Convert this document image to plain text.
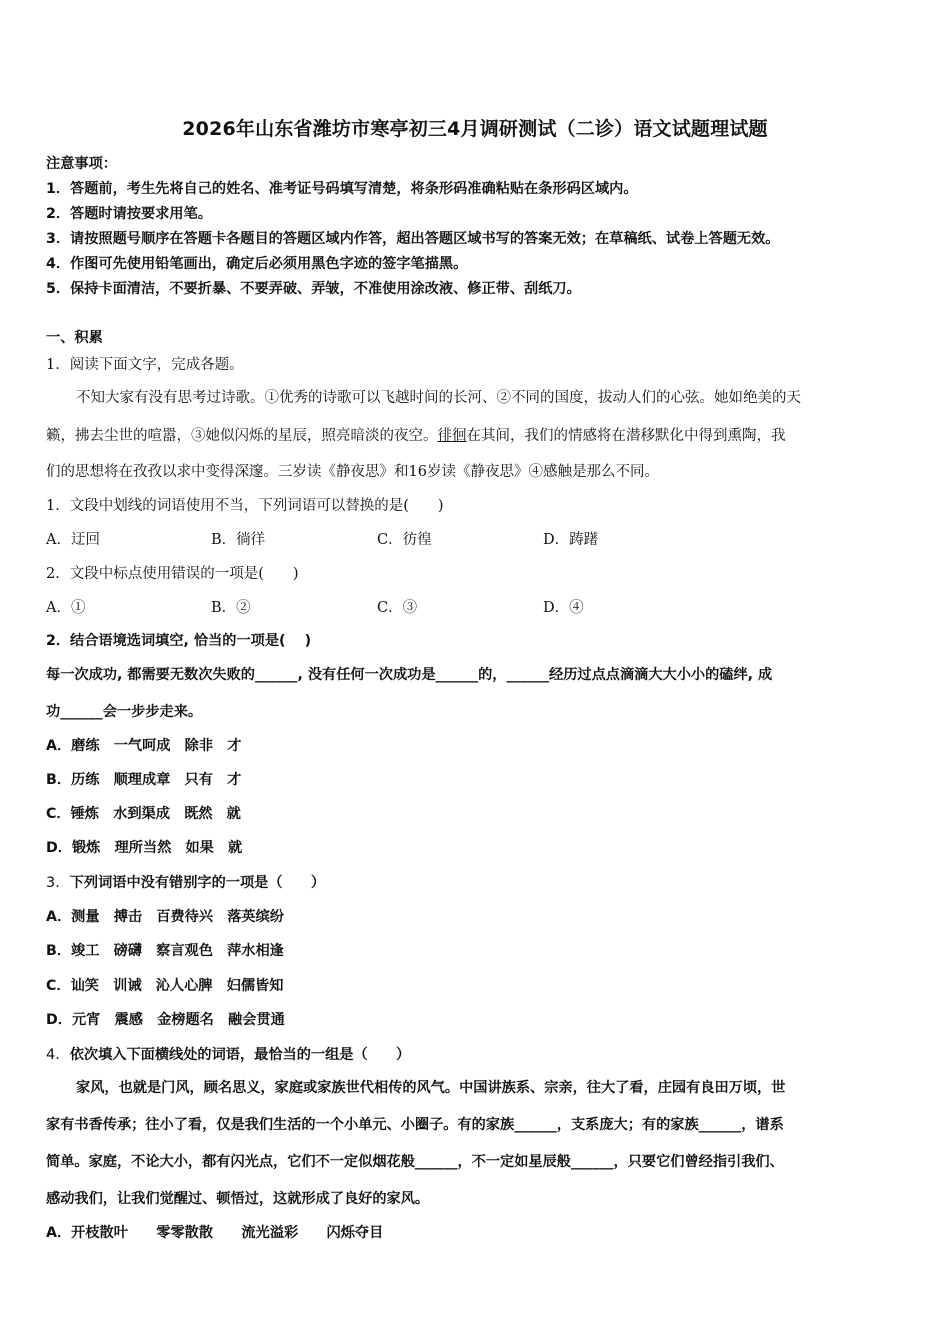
2026年山东省潍坊市寒亭初三4月调研测试（二诊）语文试题理试题
注意事项：
1．答题前，考生先将自己的姓名、准考证号码填写清楚，将条形码准确粘贴在条形码区域内。
2．答题时请按要求用笔。
3．请按照题号顺序在答题卡各题目的答题区域内作答，超出答题区域书写的答案无效；在草稿纸、试卷上答题无效。
4．作图可先使用铅笔画出，确定后必须用黑色字迹的签字笔描黑。
5．保持卡面清洁，不要折暴、不要弄破、弄皱，不准使用涂改液、修正带、刮纸刀。
一、积累
1．阅读下面文字，完成各题。
不知大家有没有思考过诗歌。①优秀的诗歌可以飞越时间的长河、②不同的国度，拔动人们的心弦。她如绝美的天
籁，拂去尘世的喧嚣，③她似闪烁的星辰，照亮暗淡的夜空。徘徊在其间，我们的情感将在潜移默化中得到熏陶，我
们的思想将在孜孜以求中变得深邃。三岁读《静夜思》和16岁读《静夜思》④感触是那么不同。
1．文段中划线的词语使用不当，下列词语可以替换的是(　　)
A．迂回	B．徜徉	C．彷徨	D．踌躇
2．文段中标点使用错误的一项是(　　)
A．①	B．②	C．③	D．④
2．结合语境选词填空, 恰当的一项是(　 )
每一次成功, 都需要无数次失败的______, 没有任何一次成功是______的，______经历过点点滴滴大大小小的磕绊, 成
功______会一步步走来。
A．磨练　一气呵成　除非　才
B．历练　顺理成章　只有　才
C．锤炼　水到渠成　既然　就
D．锻炼　理所当然　如果　就
3．下列词语中没有错别字的一项是（　　）
A．测量　搏击　百费待兴　落英缤纷
B．竣工　磅礴　察言观色　萍水相逢
C．讪笑　训诫　沁人心脾　妇儒皆知
D．元宵　震感　金榜题名　融会贯通
4．依次填入下面横线处的词语，最恰当的一组是（　　）
家风，也就是门风，顾名思义，家庭或家族世代相传的风气。中国讲族系、宗亲，往大了看，庄园有良田万顷，世
家有书香传承；往小了看，仅是我们生活的一个小单元、小圈子。有的家族______，支系庞大；有的家族______，谱系
简单。家庭，不论大小，都有闪光点，它们不一定似烟花般______，不一定如星辰般______，只要它们曾经指引我们、
感动我们，让我们觉醒过、顿悟过，这就形成了良好的家风。
A．开枝散叶　　零零散散　　流光溢彩　　闪烁夺目
